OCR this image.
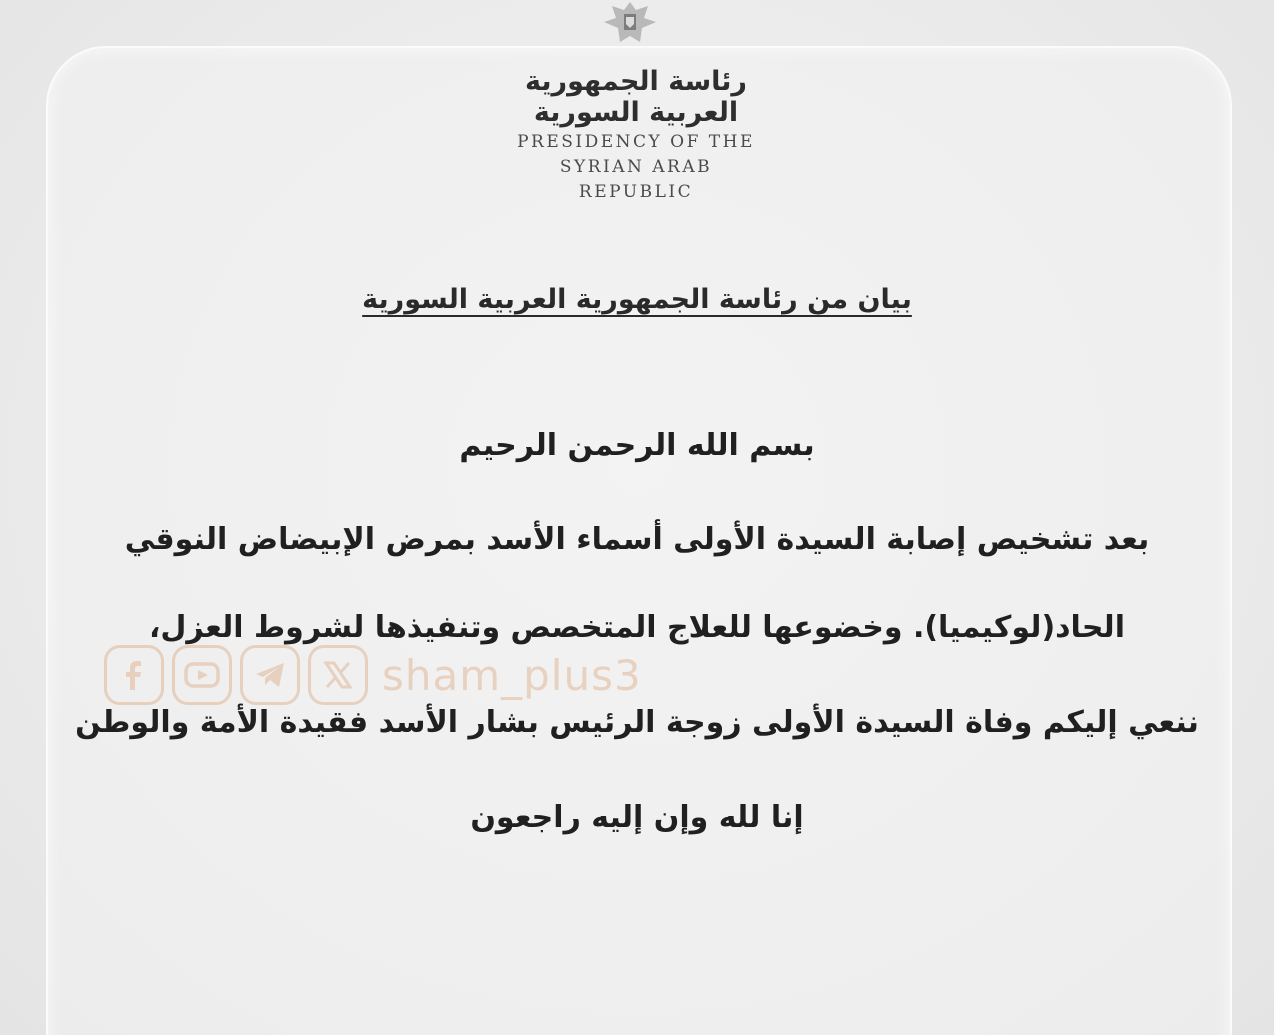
رئاسة الجمهورية العربية السورية
PRESIDENCY OF THE
SYRIAN ARAB REPUBLIC
بيان من رئاسة الجمهورية العربية السورية
بسم الله الرحمن الرحيم
بعد تشخيص إصابة السيدة الأولى أسماء الأسد بمرض الإبيضاض النوقي
الحاد(لوكيميا). وخضوعها للعلاج المتخصص وتنفيذها لشروط العزل،
ننعي إليكم وفاة السيدة الأولى زوجة الرئيس بشار الأسد فقيدة الأمة والوطن
إنا لله وإن إليه راجعون
sham_plus3
